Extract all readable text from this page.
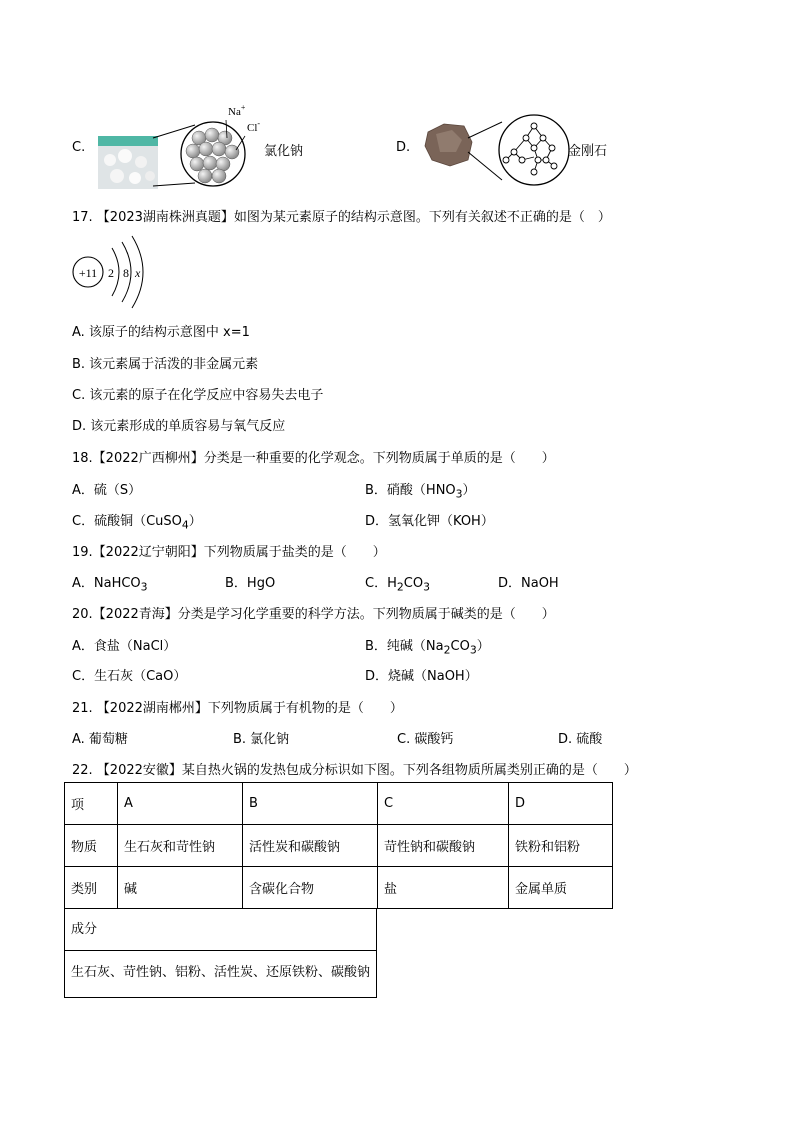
C.
Na+
Cl-
氯化钠	D.	金刚石
17. 【2023湖南株洲真题】如图为某元素原子的结构示意图。下列有关叙述不正确的是（　）
+11 2 8 x
A. 该原子的结构示意图中 x=1
B. 该元素属于活泼的非金属元素
C. 该元素的原子在化学反应中容易失去电子
D. 该元素形成的单质容易与氧气反应
18.【2022广西柳州】分类是一种重要的化学观念。下列物质属于单质的是（　　）
A．硫（S）	B．硝酸$(HNO_3)$
C．硫酸铜（CuSO$_4$）	D．氢氧化钾（KOH）
19.【2022辽宁朝阳】下列物质属于盐类的是（　　）
A．NaHCO$_3$	B．HgO	C．$H_2CO_3$	D．NaOH
20.【2022青海】分类是学习化学重要的科学方法。下列物质属于碱类的是（　　）
A．食盐（NaCl）	B．纯碱$(Na_2CO_3)$
C．生石灰（CaO）	D．烧碱（NaOH）
21. 【2022湖南郴州】下列物质属于有机物的是（　　）
A. 葡萄糖	B. 氯化钠	C. 碳酸钙	D. 硫酸
22. 【2022安徽】某自热火锅的发热包成分标识如下图。下列各组物质所属类别正确的是（　　）
项	A	B	C	D
物质	生石灰和苛性钠	活性炭和碳酸钠	苛性钠和碳酸钠	铁粉和铝粉
类别	碱	含碳化合物	盐	金属单质
成分
生石灰、苛性钠、铝粉、活性炭、还原铁粉、碳酸钠
